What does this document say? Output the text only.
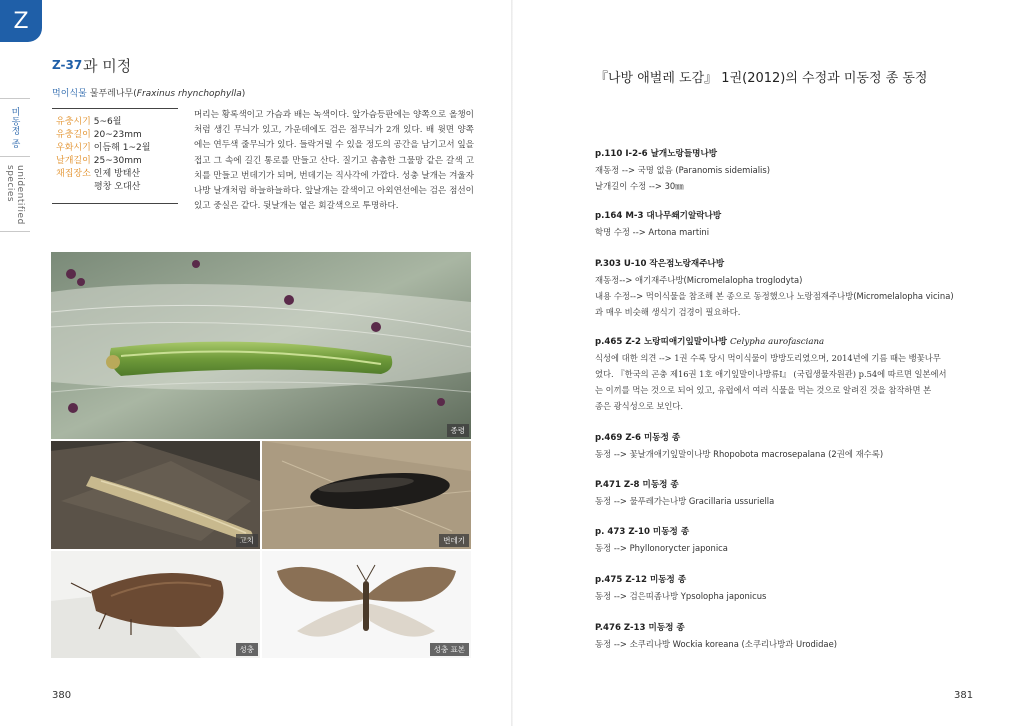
Z
미동정 종
unidentified species
Z-37 과 미정
먹이식물 물푸레나무(Fraxinus rhynchophylla)
유충시기 5~6월
유충길이 20~23mm
우화시기 이듬해 1~2월
날개길이 25~30mm
채집장소 인제 방태산
평창 오대산
머리는 황록색이고 가슴과 배는 녹색이다. 앞가슴등판에는 양쪽으로 올챙이처럼 생긴 무늬가 있고, 가운데에도 검은 점무늬가 2개 있다. 배 윗면 양쪽에는 연두색 줄무늬가 있다. 들락거릴 수 있을 정도의 공간을 남기고서 잎을 접고 그 속에 길긴 통로를 만들고 산다. 질기고 촘촘한 그물망 같은 갈색 고치를 만들고 번데기가 되며, 번데기는 직사각에 가깝다. 성충 날개는 겨울자나방 날개처럼 하늘하늘하다. 앞날개는 갈색이고 아외연선에는 검은 점선이 있고 중실은 같다. 뒷날개는 옅은 회갈색으로 투명하다.
종령
고치	번데기
성충	성충 표본
380
『나방 애벌레 도감』 1권(2012)의 수정과 미동정 종 동정
p.110 I-2-6 날개노랑들명나방
재동정 --> 국명 없음 (Paranomis sidemialis)
날개길이 수정 --> 30㎜
p.164 M-3 대나무쐐기알락나방
학명 수정 --> Artona martini
P.303 U-10 작은점노랑재주나방
재동정--> 애기재주나방(Micromelalopha troglodyta)
내용 수정--> 먹이식물을 참조해 본 종으로 동정했으나 노랑점재주나방(Micromelalopha vicina)
과 매우 비슷해 생식기 검경이 필요하다.
p.465 Z-2 노랑띠애기잎말이나방 Celypha aurofasciana
식성에 대한 의견 --> 1권 수록 당시 먹이식물이 방방도리였으며, 2014년에 기름 때는 뱅꽃나무
였다. 『한국의 곤충 제16권 1호 애기잎말이나방류I』 (국립생물자원관) p.54에 따르면 일본에서
는 이끼를 먹는 것으로 되어 있고, 유럽에서 여러 식물을 먹는 것으로 알려진 것을 참작하면 본
종은 광식성으로 보인다.
p.469 Z-6 미동정 종
동정 --> 꽃날개애기잎말이나방 Rhopobota macrosepalana (2권에 재수록)
P.471 Z-8 미동정 종
동정 --> 물푸레가는나방 Gracillaria ussuriella
p. 473 Z-10 미동정 종
동정 --> Phyllonorycter japonica
p.475 Z-12 미동정 종
동정 --> 검은띠좀나방 Ypsolopha japonicus
P.476 Z-13 미동정 종
동정 --> 소쿠리나방 Wockia koreana (소쿠리나방과 Urodidae)
381
